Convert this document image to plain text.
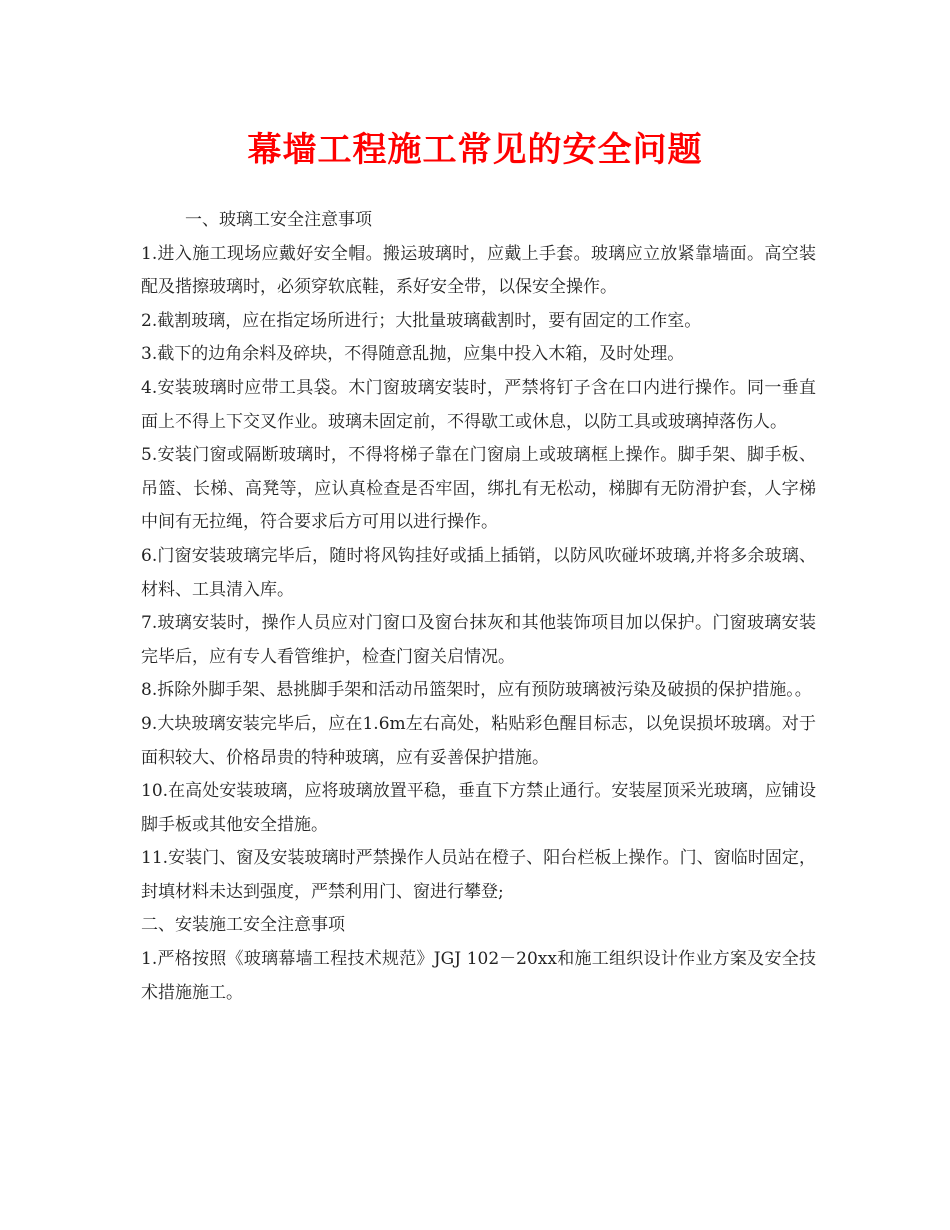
幕墙工程施工常见的安全问题

一、玻璃工安全注意事项

1.进入施工现场应戴好安全帽。搬运玻璃时，应戴上手套。玻璃应立放紧靠墙面。高空装配及揩擦玻璃时，必须穿软底鞋，系好安全带，以保安全操作。

2.截割玻璃，应在指定场所进行；大批量玻璃截割时，要有固定的工作室。

3.截下的边角余料及碎块，不得随意乱抛，应集中投入木箱，及时处理。

4.安装玻璃时应带工具袋。木门窗玻璃安装时，严禁将钉子含在口内进行操作。同一垂直面上不得上下交叉作业。玻璃未固定前，不得歇工或休息，以防工具或玻璃掉落伤人。

5.安装门窗或隔断玻璃时，不得将梯子靠在门窗扇上或玻璃框上操作。脚手架、脚手板、吊篮、长梯、高凳等，应认真检查是否牢固，绑扎有无松动，梯脚有无防滑护套，人字梯中间有无拉绳，符合要求后方可用以进行操作。

6.门窗安装玻璃完毕后，随时将风钩挂好或插上插销，以防风吹碰坏玻璃,并将多余玻璃、材料、工具清入库。

7.玻璃安装时，操作人员应对门窗口及窗台抹灰和其他装饰项目加以保护。门窗玻璃安装完毕后，应有专人看管维护，检查门窗关启情况。

8.拆除外脚手架、悬挑脚手架和活动吊篮架时，应有预防玻璃被污染及破损的保护措施。。

9.大块玻璃安装完毕后，应在1.6m左右高处，粘贴彩色醒目标志，以免误损坏玻璃。对于面积较大、价格昂贵的特种玻璃，应有妥善保护措施。

10.在高处安装玻璃，应将玻璃放置平稳，垂直下方禁止通行。安装屋顶采光玻璃，应铺设脚手板或其他安全措施。

11.安装门、窗及安装玻璃时严禁操作人员站在橙子、阳台栏板上操作。门、窗临时固定，封填材料未达到强度，严禁利用门、窗进行攀登;

二、安装施工安全注意事项

1.严格按照《玻璃幕墙工程技术规范》JGJ 102－20xx和施工组织设计作业方案及安全技术措施施工。
